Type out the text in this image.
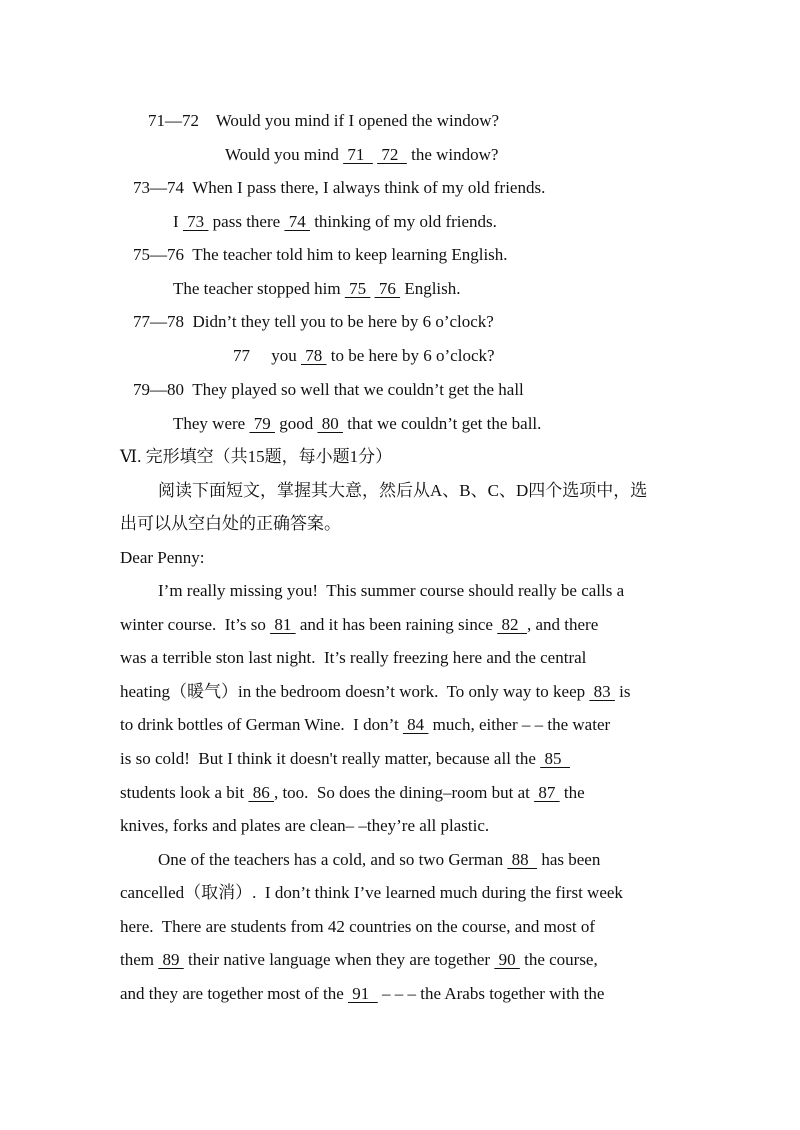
71—72 Would you mind if I opened the window?
Would you mind  71    72   the window?
73—74 When I pass there, I always think of my old friends.
I  73  pass there  74  thinking of my old friends.
75—76 The teacher told him to keep learning English.
The teacher stopped him  75   76  English.
77—78 Didn’t they tell you to be here by 6 o’clock?
77     you  78  to be here by 6 o’clock?
79—80 They played so well that we couldn’t get the hall
They were  79  good  80  that we couldn’t get the ball.
Ⅵ. 完形填空（共15题，每小题1分）
阅读下面短文，掌握其大意，然后从A、B、C、D四个选项中，选
出可以从空白处的正确答案。
Dear Penny:
I’m really missing you!  This summer course should really be calls a
winter course.  It’s so  81  and it has been raining since  82  , and there
was a terrible ston last night.  It’s really freezing here and the central
heating（暖气）in the bedroom doesn’t work.  To only way to keep  83  is
to drink bottles of German Wine.  I don’t  84  much, either – – the water
is so cold!  But I think it doesn't really matter, because all the  85
students look a bit  86 , too.  So does the dining–room but at  87  the
knives, forks and plates are clean– –they’re all plastic.
One of the teachers has a cold, and so two German  88   has been
cancelled（取消）.  I don’t think I’ve learned much during the first week
here.  There are students from 42 countries on the course, and most of
them  89  their native language when they are together  90  the course,
and they are together most of the  91   – – – the Arabs together with the
